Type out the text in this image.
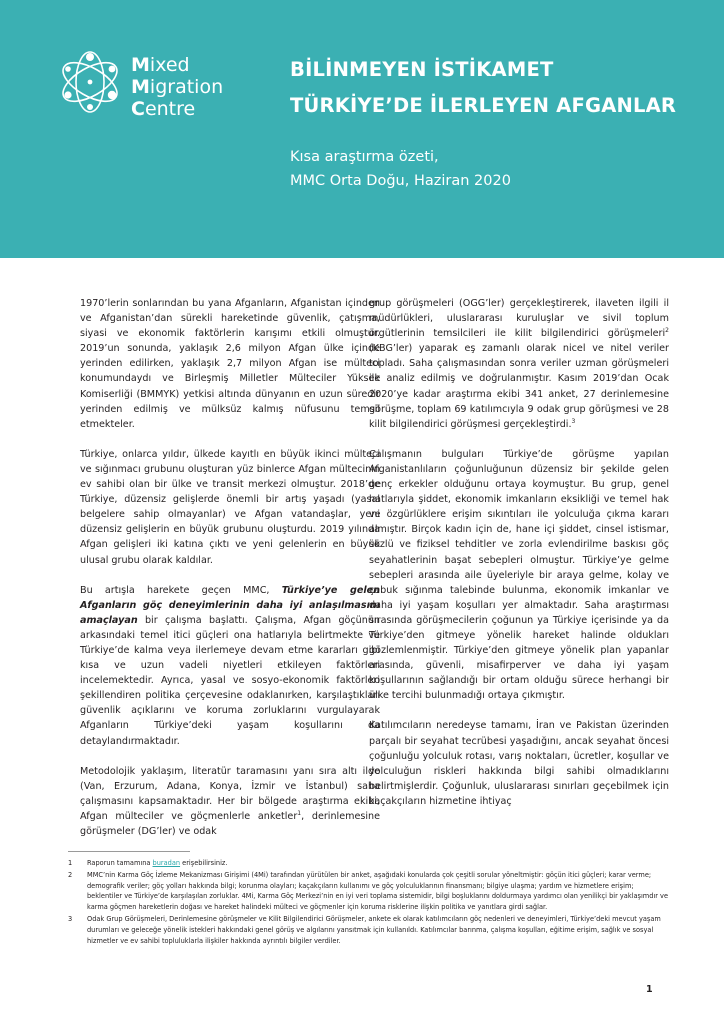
Mixed
Migration
Centre
BİLİNMEYEN İSTİKAMET
TÜRKİYE’DE İLERLEYEN AFGANLAR
Kısa araştırma özeti,
MMC Orta Doğu, Haziran 2020

1970’lerin sonlarından bu yana Afganların, Afganistan içinden ve Afganistan’dan sürekli hareketinde güvenlik, çatışma, siyasi ve ekonomik faktörlerin karışımı etkili olmuştur. 2019’un sonunda, yaklaşık 2,6 milyon Afgan ülke içinde yerinden edilirken, yaklaşık 2,7 milyon Afgan ise mülteci konumundaydı ve Birleşmiş Milletler Mülteciler Yüksek Komiserliği (BMMYK) yetkisi altında dünyanın en uzun süredir yerinden edilmiş ve mülksüz kalmış nüfusunu temsil etmekteler.

Türkiye, onlarca yıldır, ülkede kayıtlı en büyük ikinci mülteci ve sığınmacı grubunu oluşturan yüz binlerce Afgan mültecinin ev sahibi olan bir ülke ve transit merkezi olmuştur. 2018’de Türkiye, düzensiz gelişlerde önemli bir artış yaşadı (yasal belgelere sahip olmayanlar) ve Afgan vatandaşlar, yeni düzensiz gelişlerin en büyük grubunu oluşturdu. 2019 yılında Afgan gelişleri iki katına çıktı ve yeni gelenlerin en büyük ulusal grubu olarak kaldılar.

Bu artışla harekete geçen MMC, Türkiye’ye gelen Afganların göç deneyimlerinin daha iyi anlaşılmasını amaçlayan bir çalışma başlattı. Çalışma, Afgan göçünün arkasındaki temel itici güçleri ona hatlarıyla belirtmekte ve Türkiye’de kalma veya ilerlemeye devam etme kararları gibi kısa ve uzun vadeli niyetleri etkileyen faktörleri incelemektedir. Ayrıca, yasal ve sosyo-ekonomik faktörleri şekillendiren politika çerçevesine odaklanırken, karşılaştıkları güvenlik açıklarını ve koruma zorluklarını vurgulayarak Afganların Türkiye’deki yaşam koşullarını da detaylandırmaktadır.

Metodolojik yaklaşım, literatür taramasını yanı sıra altı ilde (Van, Erzurum, Adana, Konya, İzmir ve İstanbul) saha çalışmasını kapsamaktadır. Her bir bölgede araştırma ekibi, Afgan mülteciler ve göçmenlerle anketler$^1$, derinlemesine görüşmeler (DG’ler) ve odak

grup görüşmeleri (OGG’ler) gerçekleştirerek, ilaveten ilgili il müdürlükleri, uluslararası kuruluşlar ve sivil toplum örgütlerinin temsilcileri ile kilit bilgilendirici görüşmeleri$^2$ (KBG’ler) yaparak eş zamanlı olarak nicel ve nitel veriler topladı. Saha çalışmasından sonra veriler uzman görüşmeleri ile analiz edilmiş ve doğrulanmıştır. Kasım 2019’dan Ocak 2020’ye kadar araştırma ekibi 341 anket, 27 derinlemesine görüşme, toplam 69 katılımcıyla 9 odak grup görüşmesi ve 28 kilit bilgilendirici görüşmesi gerçekleştirdi.$^3$

Çalışmanın bulguları Türkiye’de görüşme yapılan Afganistanlıların çoğunluğunun düzensiz bir şekilde gelen genç erkekler olduğunu ortaya koymuştur. Bu grup, genel hatlarıyla şiddet, ekonomik imkanların eksikliği ve temel hak ve özgürlüklere erişim sıkıntıları ile yolculuğa çıkma kararı almıştır. Birçok kadın için de, hane içi şiddet, cinsel istismar, sözlü ve fiziksel tehditler ve zorla evlendirilme baskısı göç seyahatlerinin başat sebepleri olmuştur. Türkiye’ye gelme sebepleri arasında aile üyeleriyle bir araya gelme, kolay ve çabuk sığınma talebinde bulunma, ekonomik imkanlar ve daha iyi yaşam koşulları yer almaktadır. Saha araştırması sırasında görüşmecilerin çoğunun ya Türkiye içerisinde ya da Türkiye’den gitmeye yönelik hareket halinde oldukları gözlemlenmiştir. Türkiye’den gitmeye yönelik plan yapanlar arasında, güvenli, misafirperver ve daha iyi yaşam koşullarının sağlandığı bir ortam olduğu sürece herhangi bir ülke tercihi bulunmadığı ortaya çıkmıştır.

Katılımcıların neredeyse tamamı, İran ve Pakistan üzerinden parçalı bir seyahat tecrübesi yaşadığını, ancak seyahat öncesi çoğunluğu yolculuk rotası, varış noktaları, ücretler, koşullar ve yolculuğun riskleri hakkında bilgi sahibi olmadıklarını belirtmişlerdir. Çoğunluk, uluslararası sınırları geçebilmek için kaçakçıların hizmetine ihtiyaç

1 Raporun tamamına buradan erişebilirsiniz.
2 MMC’nin Karma Göç İzleme Mekanizması Girişimi (4Mi) tarafından yürütülen bir anket, aşağıdaki konularda çok çeşitli sorular yöneltmiştir: göçün itici güçleri; karar verme; demografik veriler; göç yolları hakkında bilgi; korunma olayları; kaçakçıların kullanımı ve göç yolculuklarının finansmanı; bilgiye ulaşma; yardım ve hizmetlere erişim; beklentiler ve Türkiye’de karşılaşılan zorluklar. 4Mi, Karma Göç Merkezi’nin en iyi veri toplama sistemidir, bilgi boşluklarını doldurmaya yardımcı olan yenilikçi bir yaklaşımdır ve karma göçmen hareketlerin doğası ve hareket halindeki mülteci ve göçmenler için koruma risklerine ilişkin politika ve yanıtlara girdi sağlar.
3 Odak Grup Görüşmeleri, Derinlemesine görüşmeler ve Kilit Bilgilendirici Görüşmeler, ankete ek olarak katılımcıların göç nedenleri ve deneyimleri, Türkiye’deki mevcut yaşam durumları ve geleceğe yönelik istekleri hakkındaki genel görüş ve algılarını yansıtmak için kullanıldı. Katılımcılar barınma, çalışma koşulları, eğitime erişim, sağlık ve sosyal hizmetler ve ev sahibi topluluklarla ilişkiler hakkında ayrıntılı bilgiler verdiler.
1
